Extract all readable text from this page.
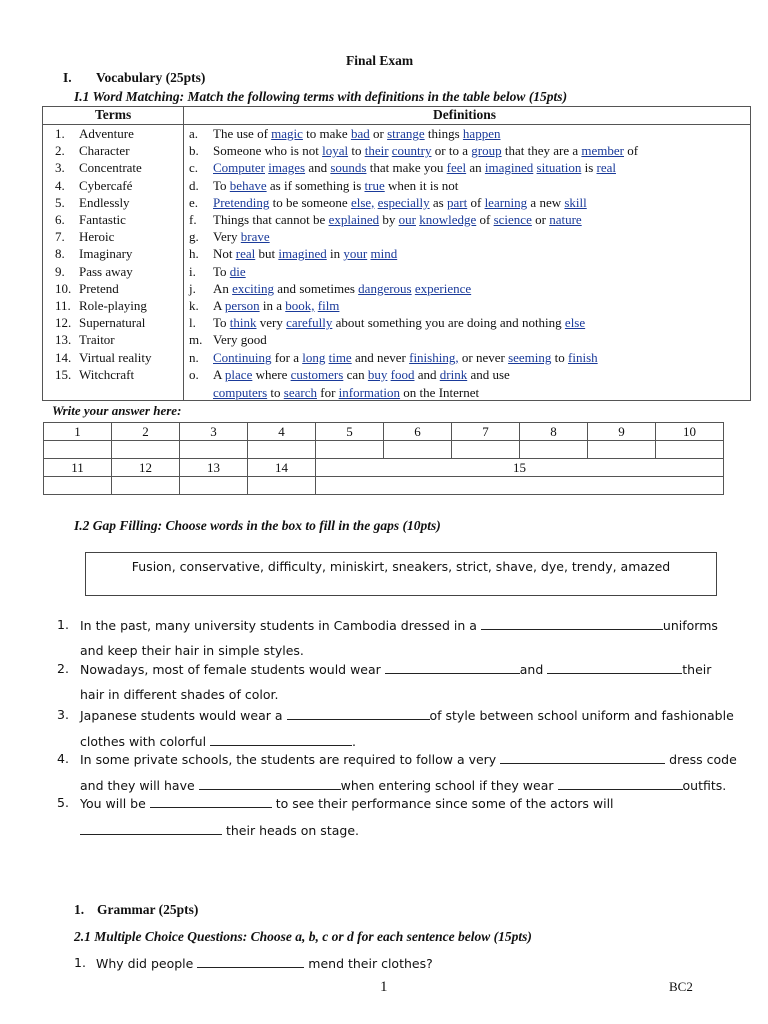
Final Exam
I. Vocabulary (25pts)
I.1 Word Matching: Match the following terms with definitions in the table below (15pts)
Terms	Definitions
1. Adventure	a. The use of magic to make bad or strange things happen
2. Character	b. Someone who is not loyal to their country or to a group that they are a member of
3. Concentrate	c. Computer images and sounds that make you feel an imagined situation is real
4. Cybercafé	d. To behave as if something is true when it is not
5. Endlessly	e. Pretending to be someone else, especially as part of learning a new skill
6. Fantastic	f. Things that cannot be explained by our knowledge of science or nature
7. Heroic	g. Very brave
8. Imaginary	h. Not real but imagined in your mind
9. Pass away	i. To die
10. Pretend	j. An exciting and sometimes dangerous experience
11. Role-playing	k. A person in a book, film
12. Supernatural	l. To think very carefully about something you are doing and nothing else
13. Traitor	m. Very good
14. Virtual reality	n. Continuing for a long time and never finishing, or never seeming to finish
15. Witchcraft	o. A place where customers can buy food and drink and use
computers to search for information on the Internet
Write your answer here:
1	2	3	4	5	6	7	8	9	10

11	12	13	14	15					

I.2 Gap Filling: Choose words in the box to fill in the gaps (10pts)
Fusion, conservative, difficulty, miniskirt, sneakers, strict, shave, dye, trendy, amazed
1. In the past, many university students in Cambodia dressed in a	uniforms
and keep their hair in simple styles.
2. Nowadays, most of female students would wear	and	their
hair in different shades of color.
3. Japanese students would wear a	of style between school uniform and fashionable
clothes with colorful	.
4. In some private schools, the students are required to follow a very	dress code
and they will have	when entering school if they wear	outfits.
5. You will be	to see their performance since some of the actors will
their heads on stage.
1. Grammar (25pts)
2.1 Multiple Choice Questions: Choose a, b, c or d for each sentence below (15pts)
1. Why did people	mend their clothes?
1	BC2
